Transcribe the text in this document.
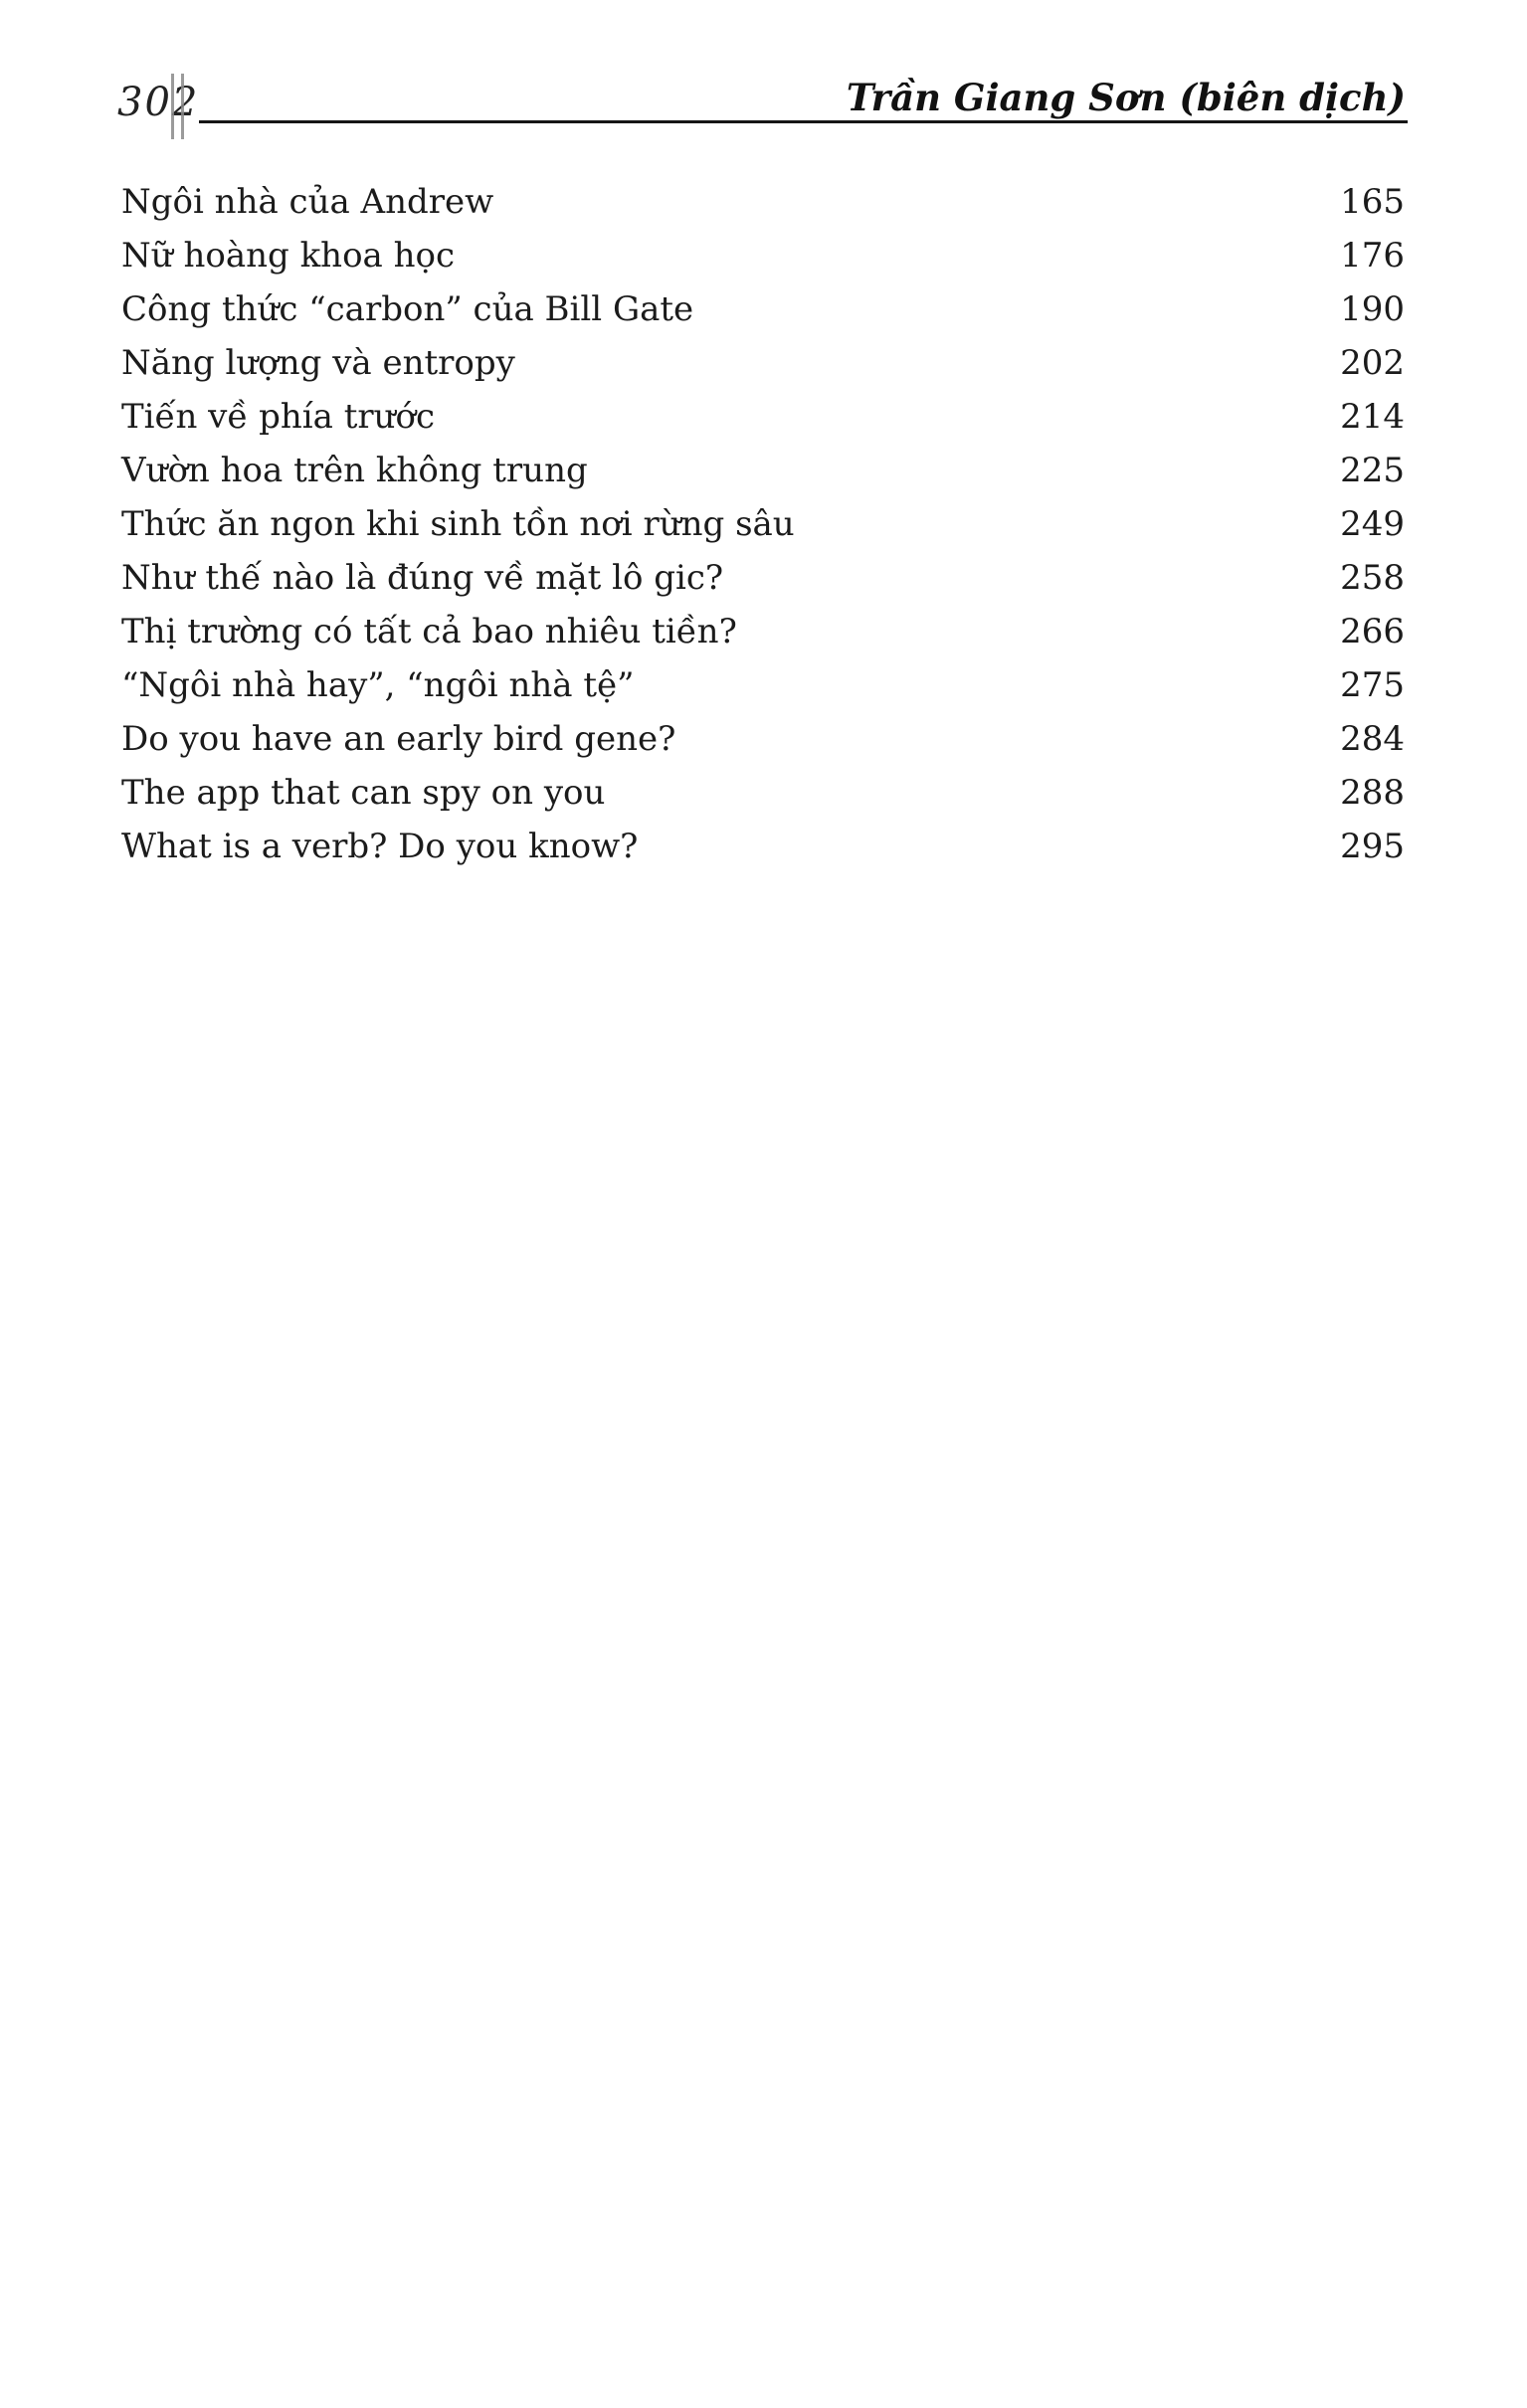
302	Trần Giang Sơn (biên dịch)
Ngôi nhà của Andrew	165
Nữ hoàng khoa học	176
Công thức “carbon” của Bill Gate	190
Năng lượng và entropy	202
Tiến về phía trước	214
Vườn hoa trên không trung	225
Thức ăn ngon khi sinh tồn nơi rừng sâu	249
Như thế nào là đúng về mặt lô gic?	258
Thị trường có tất cả bao nhiêu tiền?	266
“Ngôi nhà hay”, “ngôi nhà tệ”	275
Do you have an early bird gene?	284
The app that can spy on you	288
What is a verb? Do you know?	295
